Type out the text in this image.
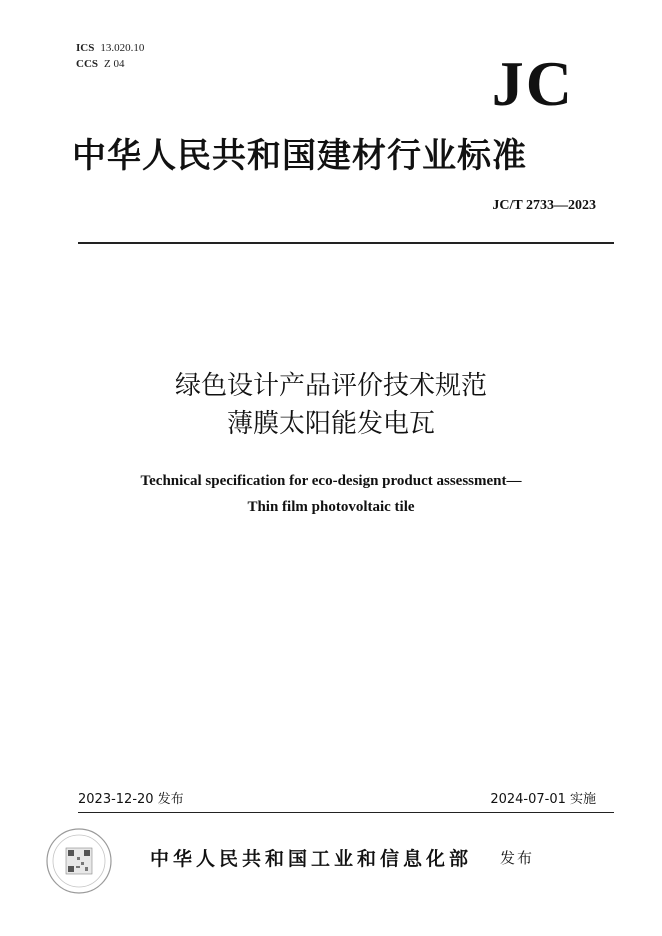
ICS 13.020.10
CCS Z 04	JC
中华人民共和国建材行业标准
JC/T 2733—2023
绿色设计产品评价技术规范
薄膜太阳能发电瓦
Technical specification for eco-design product assessment—
Thin film photovoltaic tile
2023-12-20 发布	2024-07-01 实施
中华人民共和国工业和信息化部 发布
